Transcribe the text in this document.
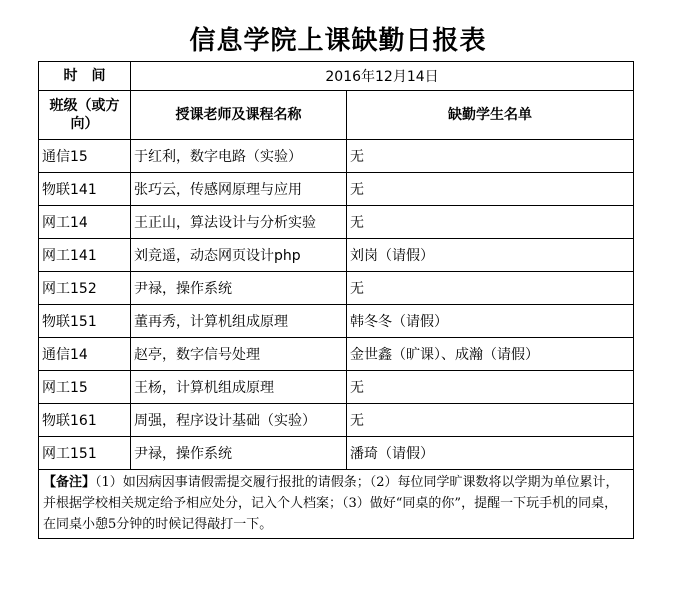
信息学院上课缺勤日报表
时　间	2016年12月14日	
班级（或方向）	授课老师及课程名称	缺勤学生名单
通信15	于红利，数字电路（实验）	无
物联141	张巧云，传感网原理与应用	无
网工14	王正山，算法设计与分析实验	无
网工141	刘竞遥，动态网页设计php	刘岗（请假）
网工152	尹禄，操作系统	无
物联151	董再秀，计算机组成原理	韩冬冬（请假）
通信14	赵亭，数字信号处理	金世鑫（旷课）、成瀚（请假）
网工15	王杨，计算机组成原理	无
物联161	周强，程序设计基础（实验）	无
网工151	尹禄，操作系统	潘琦（请假）
【备注】（1）如因病因事请假需提交履行报批的请假条；（2）每位同学旷课数将以学期为单位累计，并根据学校相关规定给予相应处分，记入个人档案；（3）做好“同桌的你”，提醒一下玩手机的同桌，在同桌小憩5分钟的时候记得敲打一下。		
